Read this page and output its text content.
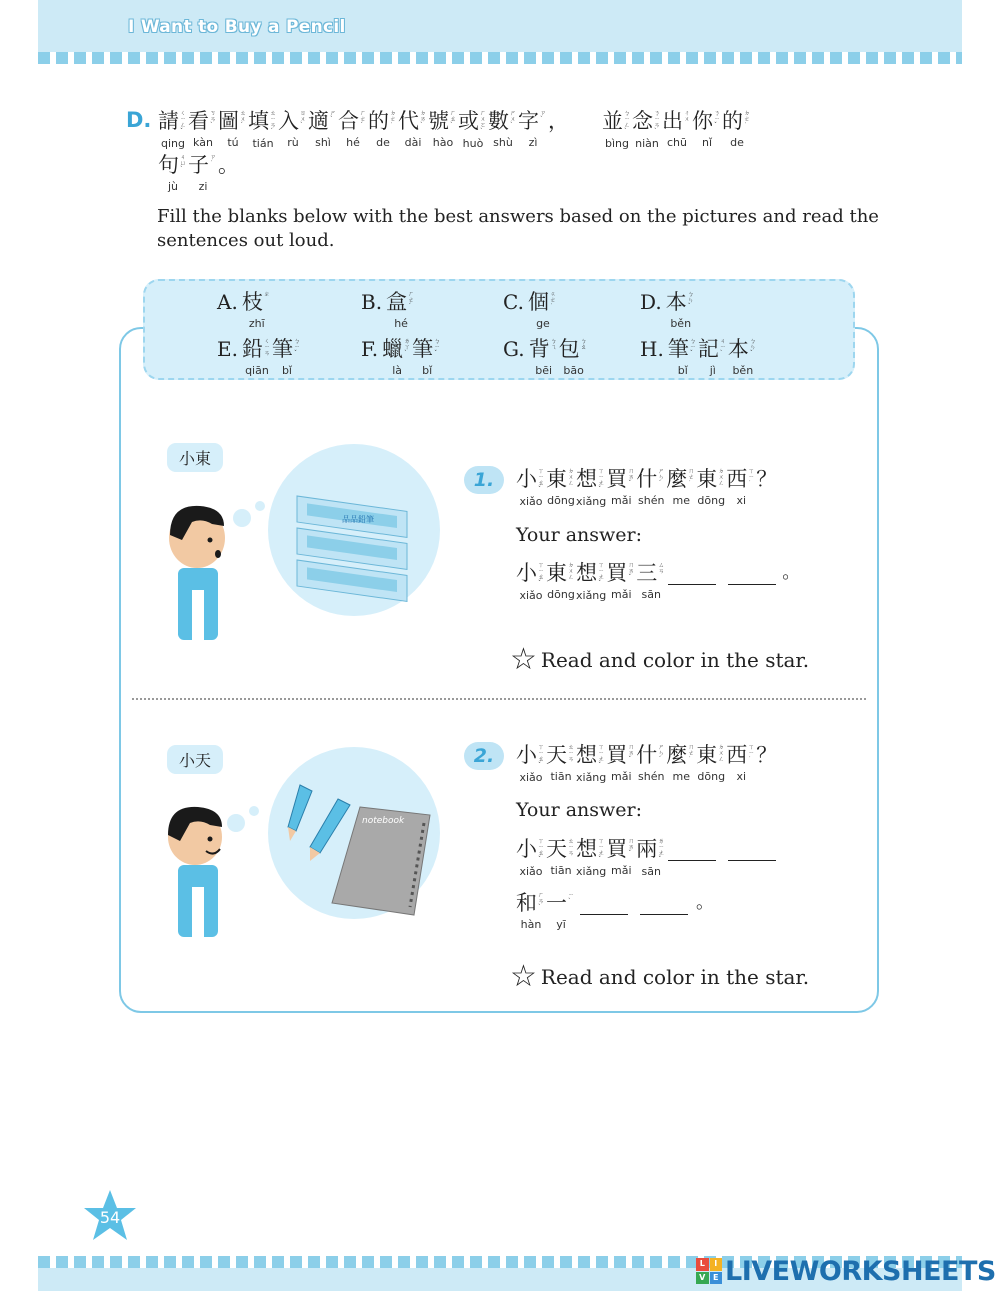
I Want to Buy a Pencil
D. 請 ㄑㄧㄥˇ
qing
看 ㄎㄢˋ
kàn
圖 ㄊㄨˊ
tú
填 ㄊㄧㄢˊ
tián
入 ㄖㄨˋ
rù
適 ㄕˋ
shì
合 ㄏㄜˊ
hé
的 ㄉㄜ˙
de
代 ㄉㄞˋ
dài
號 ㄏㄠˋ
hào
或 ㄏㄨㄛˋ
huò
數 ㄕㄨˋ
shù
字 ㄗˋ
zì
， 並 ㄅㄧㄥˋ
bìng
念 ㄋㄧㄢˋ
niàn
出 ㄔㄨ
chū
你 ㄋㄧˇ
nǐ
的 ㄉㄜ˙
de
句 ㄐㄩˋ
jù
子 ㄗ˙
zi
。
Fill the blanks below with the best answers based on the pictures and read the sentences out loud.
A. 枝 ㄓ
zhī
B. 盒 ㄏㄜˊ
hé
C. 個 ㄍㄜ˙
ge
D. 本 ㄅㄣˇ
běn
E. 鉛 ㄑㄧㄢ
qiān
筆 ㄅㄧˇ
bǐ
F. 蠟 ㄌㄚˋ
là
筆 ㄅㄧˇ
bǐ
G. 背 ㄅㄟ
bēi
包 ㄅㄠ
bāo
H. 筆 ㄅㄧˇ
bǐ
記 ㄐㄧˋ
jì
本 ㄅㄣˇ
běn
小東
品品鉛筆
1.	小 ㄒㄧㄠˇ
xiǎo
東 ㄉㄨㄥ
dōng
想 ㄒㄧㄤˇ
xiǎng
買 ㄇㄞˇ
mǎi
什 ㄕㄣˊ
shén
麼 ㄇㄜ˙
me
東 ㄉㄨㄥ
dōng
西 ㄒㄧ˙
xi
？
Your answer:
小 ㄒㄧㄠˇ
xiǎo
東 ㄉㄨㄥ
dōng
想 ㄒㄧㄤˇ
xiǎng
買 ㄇㄞˇ
mǎi
三 ㄙㄢ
sān
。
☆ Read and color in the star.
小天
notebook
2.	小 ㄒㄧㄠˇ
xiǎo
天 ㄊㄧㄢ
tiān
想 ㄒㄧㄤˇ
xiǎng
買 ㄇㄞˇ
mǎi
什 ㄕㄣˊ
shén
麼 ㄇㄜ˙
me
東 ㄉㄨㄥ
dōng
西 ㄒㄧ˙
xi
？
Your answer:
小 ㄒㄧㄠˇ
xiǎo
天 ㄊㄧㄢ
tiān
想 ㄒㄧㄤˇ
xiǎng
買 ㄇㄞˇ
mǎi
兩 ㄌㄧㄤˇ
sān
和 ㄏㄢˋ
hàn
一 ㄧˋ
yī
。
☆ Read and color in the star.
54
L	I
V E LIVEWORKSHEETS
